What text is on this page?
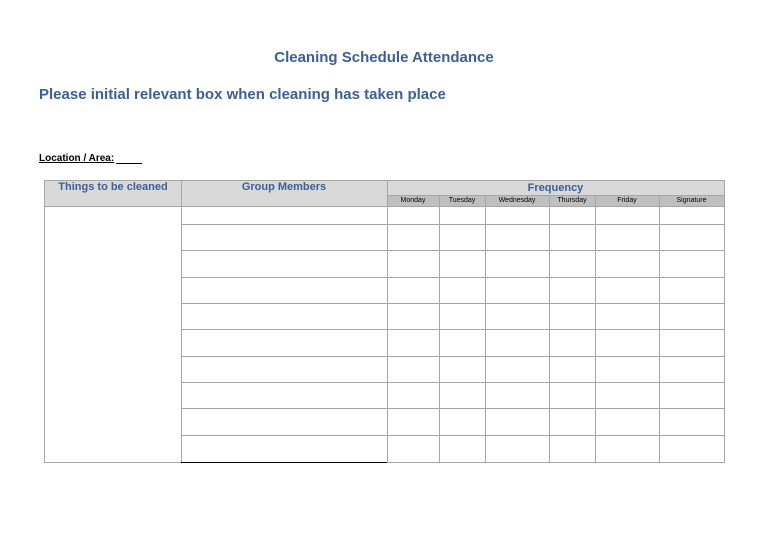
Cleaning Schedule Attendance
Please initial relevant box when cleaning has taken place
Location / Area:
Things to be cleaned	Group Members	Frequency
Monday	Tuesday	Wednesday	Thursday	Friday	Signature
